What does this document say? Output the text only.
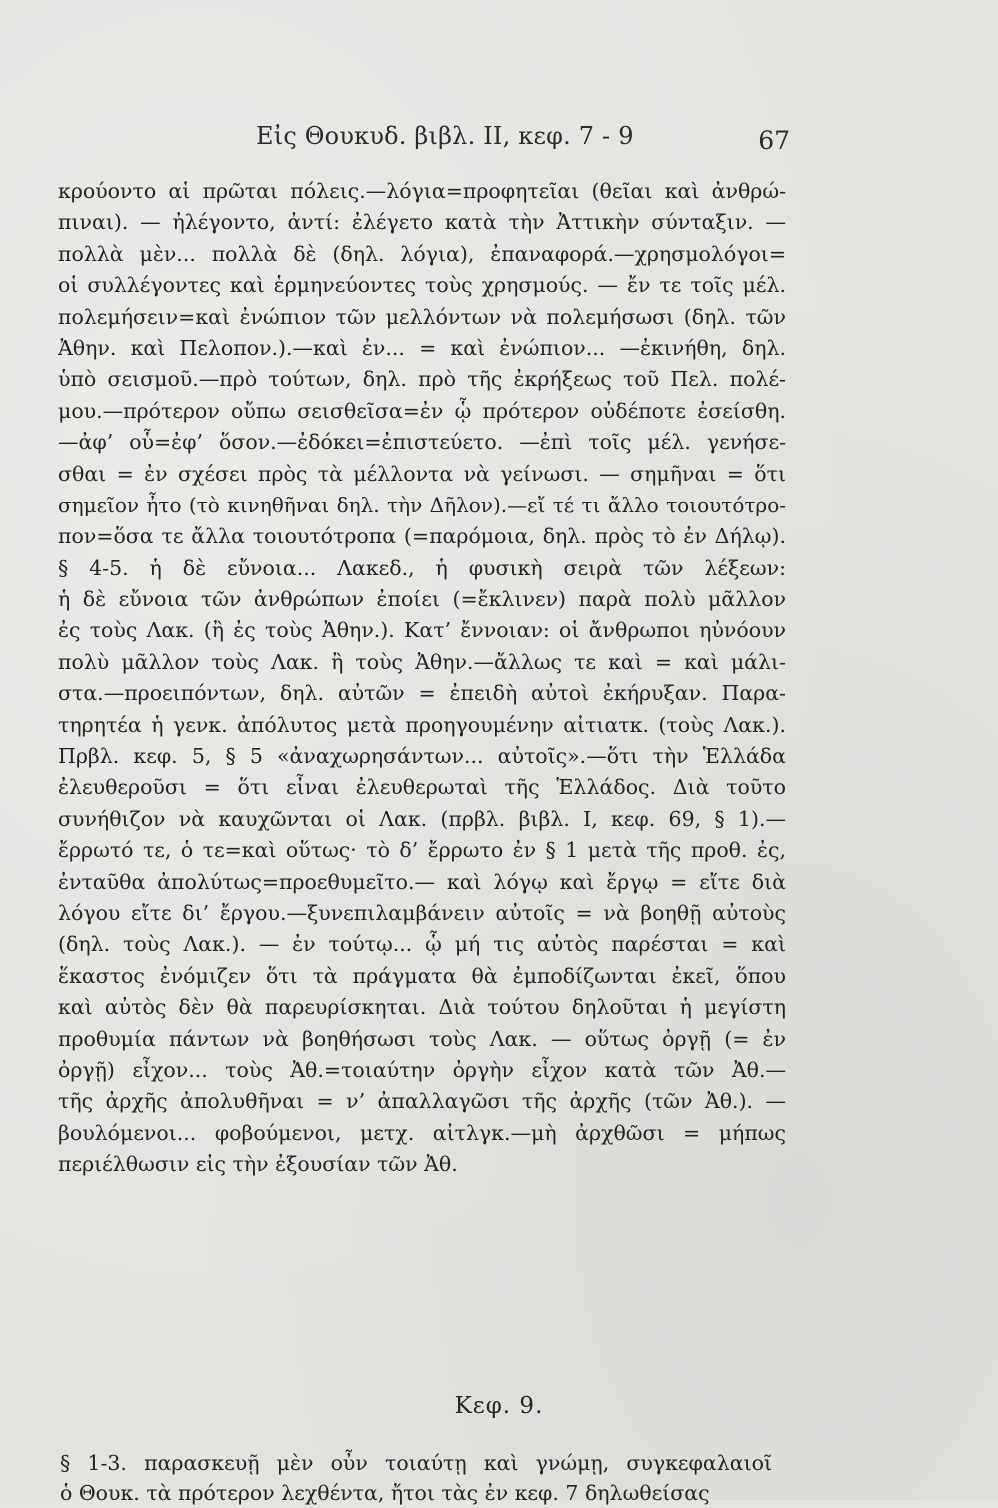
Εἰς Θουκυδ. βιβλ. ΙΙ, κεφ. 7 - 9	67
κρούοντο αἱ πρῶται πόλεις.—λόγια=προφητεῖαι (θεῖαι καὶ ἀνθρώ-
πιναι). — ἠλέγοντο, ἀντί: ἐλέγετο κατὰ τὴν Ἀττικὴν σύνταξιν. —
πολλὰ μὲν... πολλὰ δὲ (δηλ. λόγια), ἐπαναφορά.—χρησμολόγοι=
οἱ συλλέγοντες καὶ ἑρμηνεύοντες τοὺς χρησμούς. — ἔν τε τοῖς μέλ.
πολεμήσειν=καὶ ἐνώπιον τῶν μελλόντων νὰ πολεμήσωσι (δηλ. τῶν
Ἀθην. καὶ Πελοπον.).—καὶ ἐν... = καὶ ἐνώπιον... —ἐκινήθη, δηλ.
ὑπὸ σεισμοῦ.—πρὸ τούτων, δηλ. πρὸ τῆς ἐκρήξεως τοῦ Πελ. πολέ-
μου.—πρότερον οὔπω σεισθεῖσα=ἐν ᾧ πρότερον οὐδέποτε ἐσείσθη.
—ἀφ’ οὗ=ἐφ’ ὅσον.—ἐδόκει=ἐπιστεύετο. —ἐπὶ τοῖς μέλ. γενήσε-
σθαι = ἐν σχέσει πρὸς τὰ μέλλοντα νὰ γείνωσι. — σημῆναι = ὅτι
σημεῖον ἦτο (τὸ κινηθῆναι δηλ. τὴν Δῆλον).—εἴ τέ τι ἄλλο τοιουτότρο-
πον=ὅσα τε ἄλλα τοιουτότροπα (=παρόμοια, δηλ. πρὸς τὸ ἐν Δήλῳ).
§ 4-5. ἡ δὲ εὔνοια... Λακεδ., ἡ φυσικὴ σειρὰ τῶν λέξεων:
ἡ δὲ εὔνοια τῶν ἀνθρώπων ἐποίει (=ἔκλινεν) παρὰ πολὺ μᾶλλον
ἐς τοὺς Λακ. (ἢ ἐς τοὺς Ἀθην.). Κατ’ ἔννοιαν: οἱ ἄνθρωποι ηὐνόουν
πολὺ μᾶλλον τοὺς Λακ. ἢ τοὺς Ἀθην.—ἄλλως τε καὶ = καὶ μάλι-
στα.—προειπόντων, δηλ. αὐτῶν = ἐπειδὴ αὐτοὶ ἐκήρυξαν. Παρα-
τηρητέα ἡ γενκ. ἀπόλυτος μετὰ προηγουμένην αἰτιατκ. (τοὺς Λακ.).
Πρβλ. κεφ. 5, § 5 «ἀναχωρησάντων... αὐτοῖς».—ὅτι τὴν Ἑλλάδα
ἐλευθεροῦσι = ὅτι εἶναι ἐλευθερωταὶ τῆς Ἑλλάδος. Διὰ τοῦτο
συνήθιζον νὰ καυχῶνται οἱ Λακ. (πρβλ. βιβλ. Ι, κεφ. 69, § 1).—
ἔρρωτό τε, ὁ τε=καὶ οὕτως· τὸ δ’ ἔρρωτο ἐν § 1 μετὰ τῆς προθ. ἐς,
ἐνταῦθα ἀπολύτως=προεθυμεῖτο.— καὶ λόγῳ καὶ ἔργῳ = εἴτε διὰ
λόγου εἴτε δι’ ἔργου.—ξυνεπιλαμβάνειν αὐτοῖς = νὰ βοηθῇ αὐτοὺς
(δηλ. τοὺς Λακ.). — ἐν τούτῳ... ᾧ μή τις αὐτὸς παρέσται = καὶ
ἕκαστος ἐνόμιζεν ὅτι τὰ πράγματα θὰ ἐμποδίζωνται ἐκεῖ, ὅπου
καὶ αὐτὸς δὲν θὰ παρευρίσκηται. Διὰ τούτου δηλοῦται ἡ μεγίστη
προθυμία πάντων νὰ βοηθήσωσι τοὺς Λακ. — οὕτως ὀργῇ (= ἐν
ὀργῇ) εἶχον... τοὺς Ἀθ.=τοιαύτην ὀργὴν εἶχον κατὰ τῶν Ἀθ.—
τῆς ἀρχῆς ἀπολυθῆναι = ν’ ἀπαλλαγῶσι τῆς ἀρχῆς (τῶν Ἀθ.). —
βουλόμενοι... φοβούμενοι, μετχ. αἰτλγκ.—μὴ ἀρχθῶσι = μήπως
περιέλθωσιν εἰς τὴν ἐξουσίαν τῶν Ἀθ.
Κεφ. 9.
§ 1-3. παρασκευῇ μὲν οὖν τοιαύτῃ καὶ γνώμῃ, συγκεφαλαιοῖ
ὁ Θουκ. τὰ πρότερον λεχθέντα, ἤτοι τὰς ἐν κεφ. 7 δηλωθείσας
